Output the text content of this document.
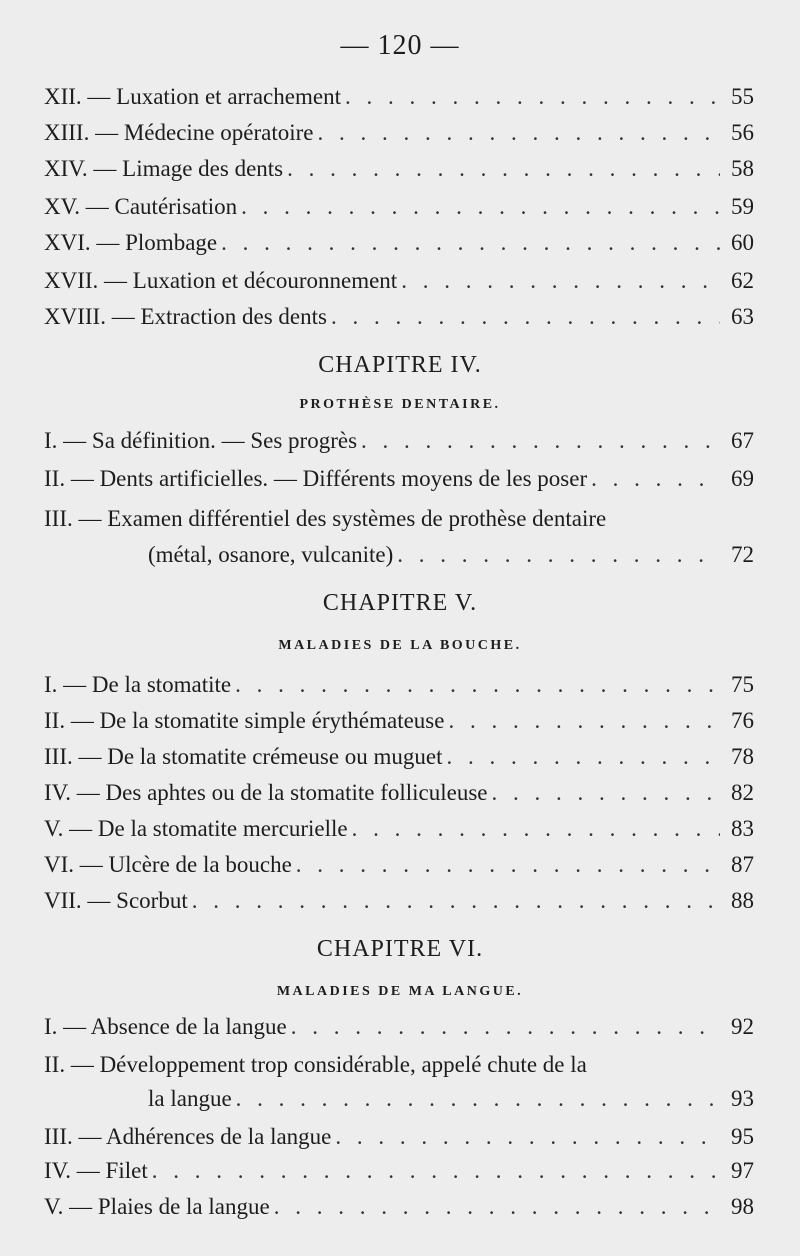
— 120 —
XII. — Luxation et arrachement . . .	55
XIII. — Médecine opératoire . . .	56
XIV. — Limage des dents . . .	58
XV. — Cautérisation . . .	59
XVI. — Plombage . . .	60
XVII. — Luxation et découronnement . . .	62
XVIII. — Extraction des dents . . .	63
CHAPITRE IV.
PROTHÈSE DENTAIRE.
I. — Sa définition. — Ses progrès . . .	67
II. — Dents artificielles. — Différents moyens de les poser . . .	69
III. — Examen différentiel des systèmes de prothèse dentaire
(métal, osanore, vulcanite) . . .	72
CHAPITRE V.
MALADIES DE LA BOUCHE.
I. — De la stomatite . . .	75
II. — De la stomatite simple érythémateuse . . .	76
III. — De la stomatite crémeuse ou muguet . . .	78
IV. — Des aphtes ou de la stomatite folliculeuse . . .	82
V. — De la stomatite mercurielle . . .	83
VI. — Ulcère de la bouche . . .	87
VII. — Scorbut . . .	88
CHAPITRE VI.
MALADIES DE MA LANGUE.
I. — Absence de la langue . . .	92
II. — Développement trop considérable, appelé chute de la
la langue . . .	93
III. — Adhérences de la langue . . .	95
IV. — Filet . . .	97
V. — Plaies de la langue . . .	98
